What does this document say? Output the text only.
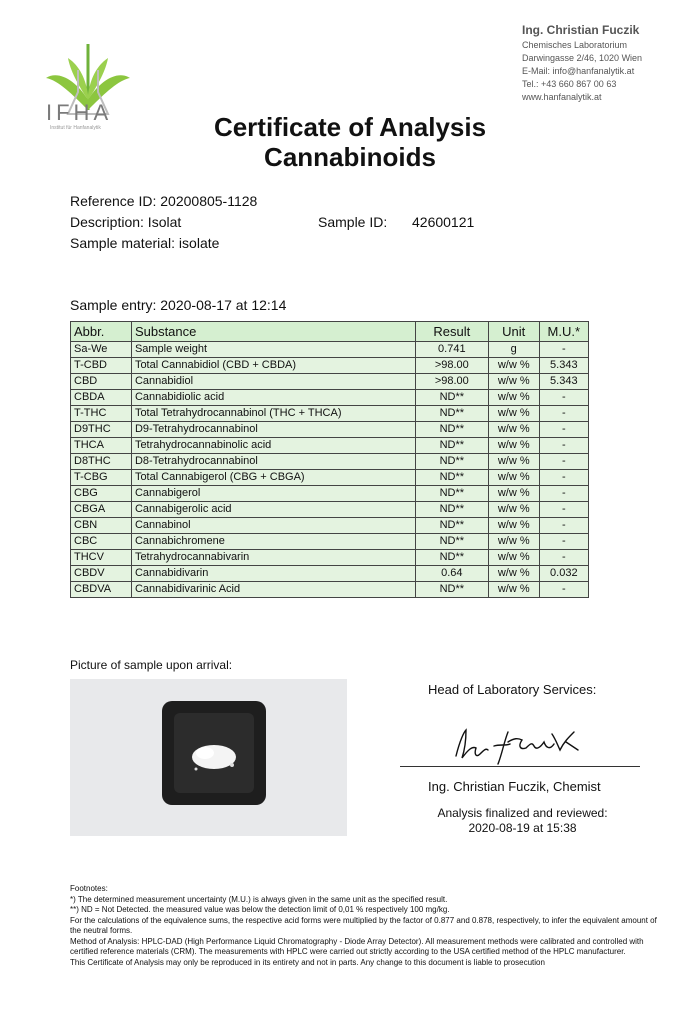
IFHA
Institut für Hanfanalytik
Ing. Christian Fuczik
Chemisches Laboratorium
Darwingasse 2/46, 1020 Wien
E-Mail: info@hanfanalytik.at
Tel.: +43 660 867 00 63
www.hanfanalytik.at
Certificate of Analysis
Cannabinoids
Reference ID: 20200805-1128
Description: Isolat	Sample ID: 42600121
Sample material: isolate
Sample entry: 2020-08-17 at 12:14
Abbr.	Substance	Result	Unit	M.U.*
Sa-We	Sample weight	0.741	g	-
T-CBD	Total Cannabidiol (CBD + CBDA)	>98.00	w/w %	5.343
CBD	Cannabidiol	>98.00	w/w %	5.343
CBDA	Cannabidiolic acid	ND**	w/w %	-
T-THC	Total Tetrahydrocannabinol (THC + THCA)	ND**	w/w %	-
D9THC	D9-Tetrahydrocannabinol	ND**	w/w %	-
THCA	Tetrahydrocannabinolic acid	ND**	w/w %	-
D8THC	D8-Tetrahydrocannabinol	ND**	w/w %	-
T-CBG	Total Cannabigerol (CBG + CBGA)	ND**	w/w %	-
CBG	Cannabigerol	ND**	w/w %	-
CBGA	Cannabigerolic acid	ND**	w/w %	-
CBN	Cannabinol	ND**	w/w %	-
CBC	Cannabichromene	ND**	w/w %	-
THCV	Tetrahydrocannabivarin	ND**	w/w %	-
CBDV	Cannabidivarin	0.64	w/w %	0.032
CBDVA	Cannabidivarinic Acid	ND**	w/w %	-
Picture of sample upon arrival:
Head of Laboratory Services:
Ing. Christian Fuczik, Chemist
Analysis finalized and reviewed:
2020-08-19 at 15:38
Footnotes:
*) The determined measurement uncertainty (M.U.) is always given in the same unit as the specified result.
**) ND = Not Detected. the measured value was below the detection limit of 0,01 % respectively 100 mg/kg.
For the calculations of the equivalence sums, the respective acid forms were multiplied by the factor of 0.877 and 0.878, respectively, to infer the equivalent amount of the neutral forms.
Method of Analysis: HPLC-DAD (High Performance Liquid Chromatography - Diode Array Detector). All measurement methods were calibrated and controlled with certified reference materials (CRM). The measurements with HPLC were carried out strictly according to the USA certified method of the HPLC manufacturer.
This Certificate of Analysis may only be reproduced in its entirety and not in parts. Any change to this document is liable to prosecution
